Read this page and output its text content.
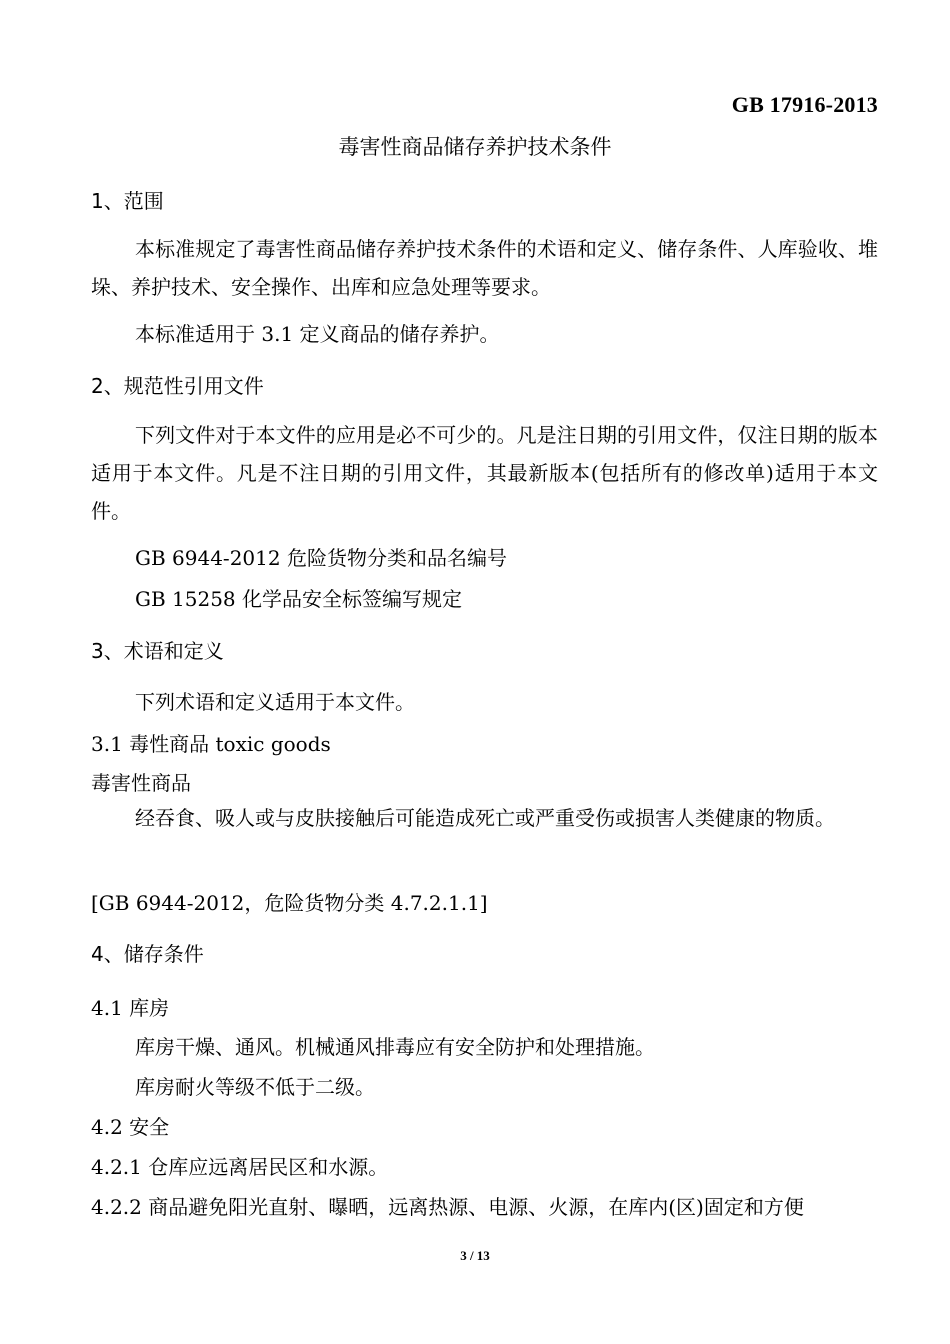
GB 17916-2013
毒害性商品储存养护技术条件
1、范围
本标准规定了毒害性商品储存养护技术条件的术语和定义、储存条件、人库验收、堆垛、养护技术、安全操作、出库和应急处理等要求。
本标准适用于 3.1 定义商品的储存养护。
2、规范性引用文件
下列文件对于本文件的应用是必不可少的。凡是注日期的引用文件，仅注日期的版本适用于本文件。凡是不注日期的引用文件，其最新版本(包括所有的修改单)适用于本文件。
GB 6944-2012 危险货物分类和品名编号
GB 15258 化学品安全标签编写规定
3、术语和定义
下列术语和定义适用于本文件。
3.1 毒性商品 toxic goods
毒害性商品
经吞食、吸人或与皮肤接触后可能造成死亡或严重受伤或损害人类健康的物质。
[GB 6944-2012，危险货物分类 4.7.2.1.1]
4、储存条件
4.1 库房
库房干燥、通风。机械通风排毒应有安全防护和处理措施。
库房耐火等级不低于二级。
4.2 安全
4.2.1 仓库应远离居民区和水源。
4.2.2 商品避免阳光直射、曝晒，远离热源、电源、火源，在库内(区)固定和方便
3 / 13
